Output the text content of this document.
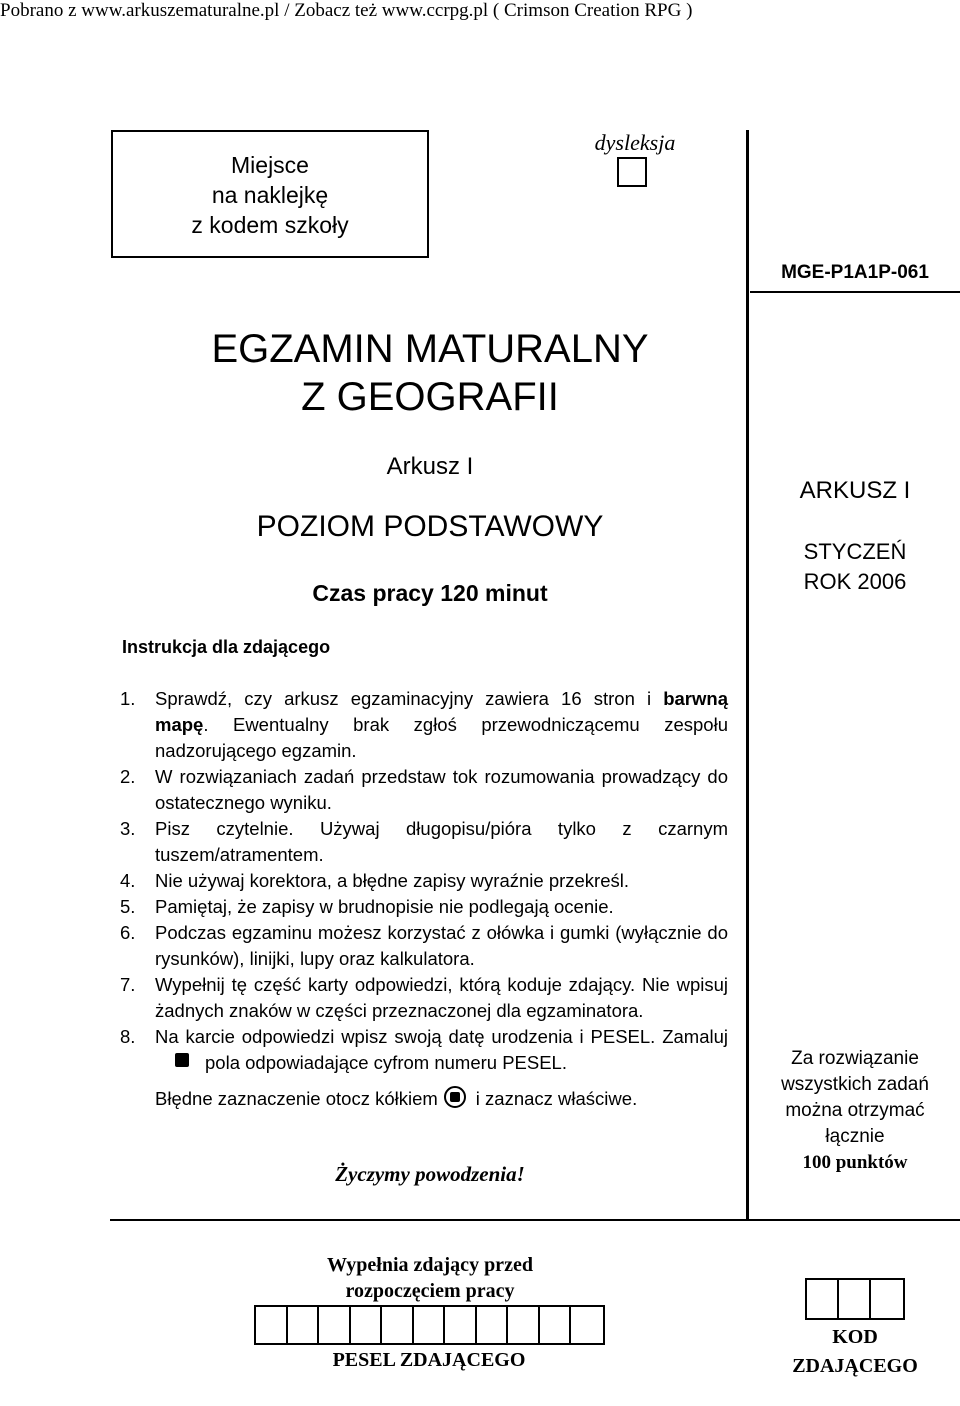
Pobrano z www.arkuszematuralne.pl / Zobacz też www.ccrpg.pl ( Crimson Creation RPG )
Miejsce
na naklejkę
z kodem szkoły
dysleksja
MGE-P1A1P-061
EGZAMIN MATURALNY
Z GEOGRAFII
Arkusz I
POZIOM PODSTAWOWY
Czas pracy 120 minut
ARKUSZ I
STYCZEŃ
ROK 2006
Instrukcja dla zdającego
1. Sprawdź, czy arkusz egzaminacyjny zawiera 16 stron i barwną mapę. Ewentualny brak zgłoś przewodniczącemu zespołu nadzorującego egzamin.
2. W rozwiązaniach zadań przedstaw tok rozumowania prowadzący do ostatecznego wyniku.
3. Pisz czytelnie. Używaj długopisu/pióra tylko z czarnym tuszem/atramentem.
4. Nie używaj korektora, a błędne zapisy wyraźnie przekreśl.
5. Pamiętaj, że zapisy w brudnopisie nie podlegają ocenie.
6. Podczas egzaminu możesz korzystać z ołówka i gumki (wyłącznie do rysunków), linijki, lupy oraz kalkulatora.
7. Wypełnij tę część karty odpowiedzi, którą koduje zdający. Nie wpisuj żadnych znaków w części przeznaczonej dla egzaminatora.
8. Na karcie odpowiedzi wpisz swoją datę urodzenia i PESEL. Zamalujpola odpowiadające cyfrom numeru PESEL.
Błędne zaznaczenie otocz kółkiem i zaznacz właściwe.
Życzymy powodzenia!
Za rozwiązanie
wszystkich zadań
można otrzymać
łącznie
100 punktów
Wypełnia zdający przed
rozpoczęciem pracy
PESEL ZDAJĄCEGO
KOD
ZDAJĄCEGO
